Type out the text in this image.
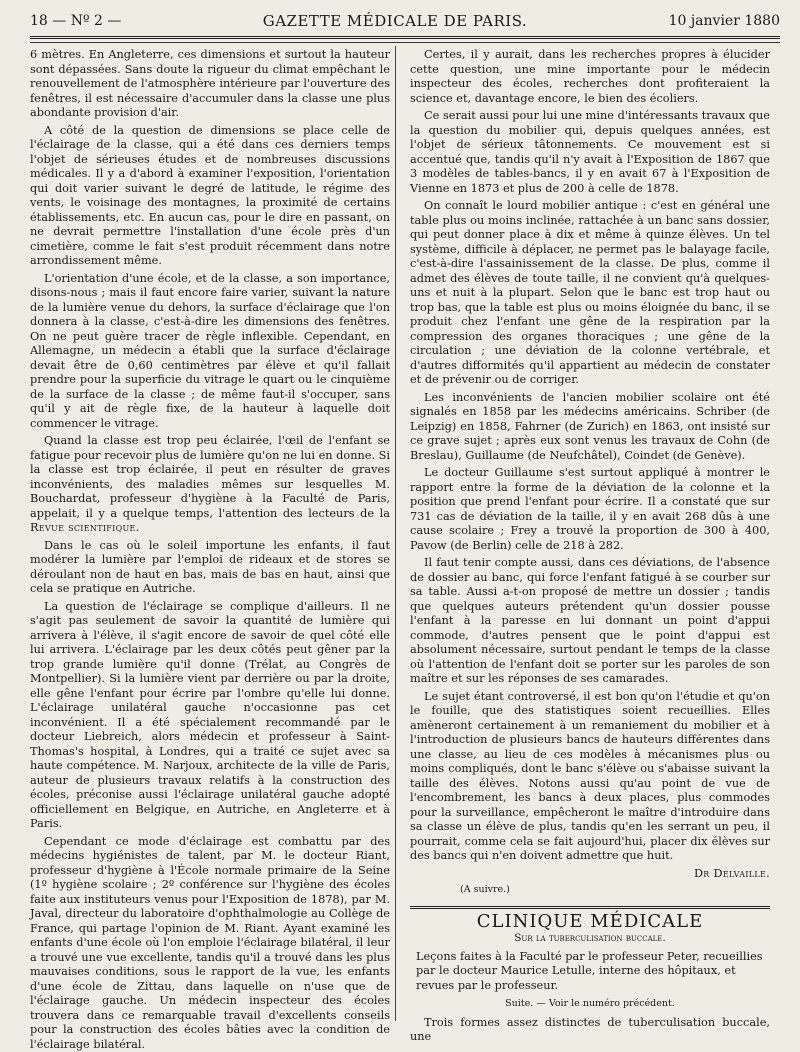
18 — Nº 2 —	GAZETTE MÉDICALE DE PARIS.	10 janvier 1880

6 mètres. En Angleterre, ces dimensions et surtout la hauteur sont dépassées. Sans doute la rigueur du climat empêchant le renouvellement de l'atmosphère intérieure par l'ouverture des fenêtres, il est nécessaire d'accumuler dans la classe une plus abondante provision d'air.

A côté de la question de dimensions se place celle de l'éclairage de la classe, qui a été dans ces derniers temps l'objet de sérieuses études et de nombreuses discussions médicales. Il y a d'abord à examiner l'exposition, l'orientation qui doit varier suivant le degré de latitude, le régime des vents, le voisinage des montagnes, la proximité de certains établissements, etc. En aucun cas, pour le dire en passant, on ne devrait permettre l'installation d'une école près d'un cimetière, comme le fait s'est produit récemment dans notre arrondissement même.

L'orientation d'une école, et de la classe, a son importance, disons-nous ; mais il faut encore faire varier, suivant la nature de la lumière venue du dehors, la surface d'éclairage que l'on donnera à la classe, c'est-à-dire les dimensions des fenêtres. On ne peut guère tracer de règle inflexible. Cependant, en Allemagne, un médecin a établi que la surface d'éclairage devait être de 0,60 centimètres par élève et qu'il fallait prendre pour la superficie du vitrage le quart ou le cinquième de la surface de la classe ; de même faut-il s'occuper, sans qu'il y ait de règle fixe, de la hauteur à laquelle doit commencer le vitrage.

Quand la classe est trop peu éclairée, l'œil de l'enfant se fatigue pour recevoir plus de lumière qu'on ne lui en donne. Si la classe est trop éclairée, il peut en résulter de graves inconvénients, des maladies mêmes sur lesquelles M. Bouchardat, professeur d'hygiène à la Faculté de Paris, appelait, il y a quelque temps, l'attention des lecteurs de la Revue scientifique.

Dans le cas où le soleil importune les enfants, il faut modérer la lumière par l'emploi de rideaux et de stores se déroulant non de haut en bas, mais de bas en haut, ainsi que cela se pratique en Autriche.

La question de l'éclairage se complique d'ailleurs. Il ne s'agit pas seulement de savoir la quantité de lumière qui arrivera à l'élève, il s'agit encore de savoir de quel côté elle lui arrivera. L'éclairage par les deux côtés peut gêner par la trop grande lumière qu'il donne (Trélat, au Congrès de Montpellier). Si la lumière vient par derrière ou par la droite, elle gêne l'enfant pour écrire par l'ombre qu'elle lui donne. L'éclairage unilatéral gauche n'occasionne pas cet inconvénient. Il a été spécialement recommandé par le docteur Liebreich, alors médecin et professeur à Saint-Thomas's hospital, à Londres, qui a traité ce sujet avec sa haute compétence. M. Narjoux, architecte de la ville de Paris, auteur de plusieurs travaux relatifs à la construction des écoles, préconise aussi l'éclairage unilatéral gauche adopté officiellement en Belgique, en Autriche, en Angleterre et à Paris.

Cependant ce mode d'éclairage est combattu par des médecins hygiénistes de talent, par M. le docteur Riant, professeur d'hygiène à l'École normale primaire de la Seine (1º hygiène scolaire ; 2º conférence sur l'hygiène des écoles faite aux instituteurs venus pour l'Exposition de 1878), par M. Javal, directeur du laboratoire d'ophthalmologie au Collège de France, qui partage l'opinion de M. Riant. Ayant examiné les enfants d'une école où l'on emploie l'éclairage bilatéral, il leur a trouvé une vue excellente, tandis qu'il a trouvé dans les plus mauvaises conditions, sous le rapport de la vue, les enfants d'une école de Zittau, dans laquelle on n'use que de l'éclairage gauche. Un médecin inspecteur des écoles trouvera dans ce remarquable travail d'excellents conseils pour la construction des écoles bâties avec la condition de l'éclairage bilatéral.

Certes, il y aurait, dans les recherches propres à élucider cette question, une mine importante pour le médecin inspecteur des écoles, recherches dont profiteraient la science et, davantage encore, le bien des écoliers.

Ce serait aussi pour lui une mine d'intéressants travaux que la question du mobilier qui, depuis quelques années, est l'objet de sérieux tâtonnements. Ce mouvement est si accentué que, tandis qu'il n'y avait à l'Exposition de 1867 que 3 modèles de tables-bancs, il y en avait 67 à l'Exposition de Vienne en 1873 et plus de 200 à celle de 1878.

On connaît le lourd mobilier antique : c'est en général une table plus ou moins inclinée, rattachée à un banc sans dossier, qui peut donner place à dix et même à quinze élèves. Un tel système, difficile à déplacer, ne permet pas le balayage facile, c'est-à-dire l'assainissement de la classe. De plus, comme il admet des élèves de toute taille, il ne convient qu'à quelques-uns et nuit à la plupart. Selon que le banc est trop haut ou trop bas, que la table est plus ou moins éloignée du banc, il se produit chez l'enfant une gêne de la respiration par la compression des organes thoraciques ; une gêne de la circulation ; une déviation de la colonne vertébrale, et d'autres difformités qu'il appartient au médecin de constater et de prévenir ou de corriger.

Les inconvénients de l'ancien mobilier scolaire ont été signalés en 1858 par les médecins américains. Schriber (de Leipzig) en 1858, Fahrner (de Zurich) en 1863, ont insisté sur ce grave sujet ; après eux sont venus les travaux de Cohn (de Breslau), Guillaume (de Neufchâtel), Coindet (de Genève).

Le docteur Guillaume s'est surtout appliqué à montrer le rapport entre la forme de la déviation de la colonne et la position que prend l'enfant pour écrire. Il a constaté que sur 731 cas de déviation de la taille, il y en avait 268 dûs à une cause scolaire ; Frey a trouvé la proportion de 300 à 400, Pavow (de Berlin) celle de 218 à 282.

Il faut tenir compte aussi, dans ces déviations, de l'absence de dossier au banc, qui force l'enfant fatigué à se courber sur sa table. Aussi a-t-on proposé de mettre un dossier ; tandis que quelques auteurs prétendent qu'un dossier pousse l'enfant à la paresse en lui donnant un point d'appui commode, d'autres pensent que le point d'appui est absolument nécessaire, surtout pendant le temps de la classe où l'attention de l'enfant doit se porter sur les paroles de son maître et sur les réponses de ses camarades.

Le sujet étant controversé, il est bon qu'on l'étudie et qu'on le fouille, que des statistiques soient recueillies. Elles amèneront certainement à un remaniement du mobilier et à l'introduction de plusieurs bancs de hauteurs différentes dans une classe, au lieu de ces modèles à mécanismes plus ou moins compliqués, dont le banc s'élève ou s'abaisse suivant la taille des élèves. Notons aussi qu'au point de vue de l'encombrement, les bancs à deux places, plus commodes pour la surveillance, empêcheront le maître d'introduire dans sa classe un élève de plus, tandis qu'en les serrant un peu, il pourrait, comme cela se fait aujourd'hui, placer dix élèves sur des bancs qui n'en doivent admettre que huit.

Dr Delvaille.
(A suivre.)
CLINIQUE MÉDICALE
Sur la tuberculisation buccale.

Leçons faites à la Faculté par le professeur Peter, recueillies par le docteur Maurice Letulle, interne des hôpitaux, et revues par le professeur.

Suite. — Voir le numéro précédent.

Trois formes assez distinctes de tuberculisation buccale, une
